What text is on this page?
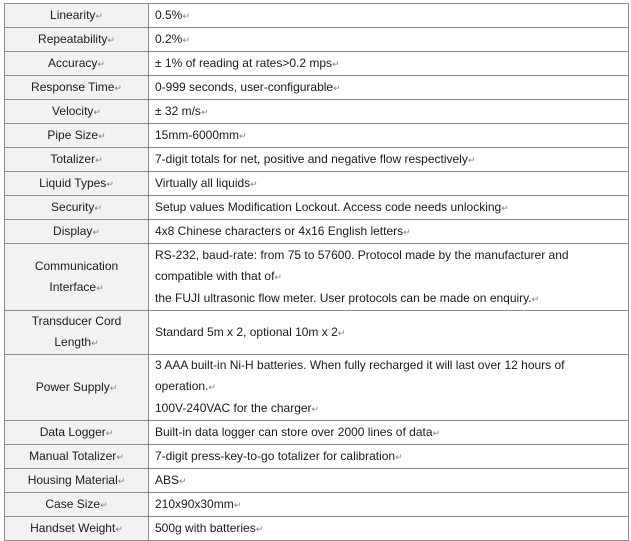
Linearity↵	0.5%↵

Repeatability↵	0.2%↵

Accuracy↵	± 1% of reading at rates>0.2 mps↵

Response Time↵	0-999 seconds, user-configurable↵

Velocity↵	± 32 m/s↵

Pipe Size↵	15mm-6000mm↵

Totalizer↵	7-digit totals for net, positive and negative flow respectively↵

Liquid Types↵	Virtually all liquids↵

Security↵	Setup values Modification Lockout. Access code needs unlocking↵

Display↵	4x8 Chinese characters or 4x16 English letters↵

Communication
Interface↵	RS-232, baud-rate: from 75 to 57600. Protocol made by the manufacturer and
compatible with that of↵
the FUJI ultrasonic flow meter. User protocols can be made on enquiry.↵

Transducer Cord
Length↵	Standard 5m x 2, optional 10m x 2↵

Power Supply↵	3 AAA built-in Ni-H batteries. When fully recharged it will last over 12 hours of operation.↵
100V-240VAC for the charger↵

Data Logger↵	Built-in data logger can store over 2000 lines of data↵

Manual Totalizer↵	7-digit press-key-to-go totalizer for calibration↵

Housing Material↵	ABS↵

Case Size↵	210x90x30mm↵

Handset Weight↵	500g with batteries↵
